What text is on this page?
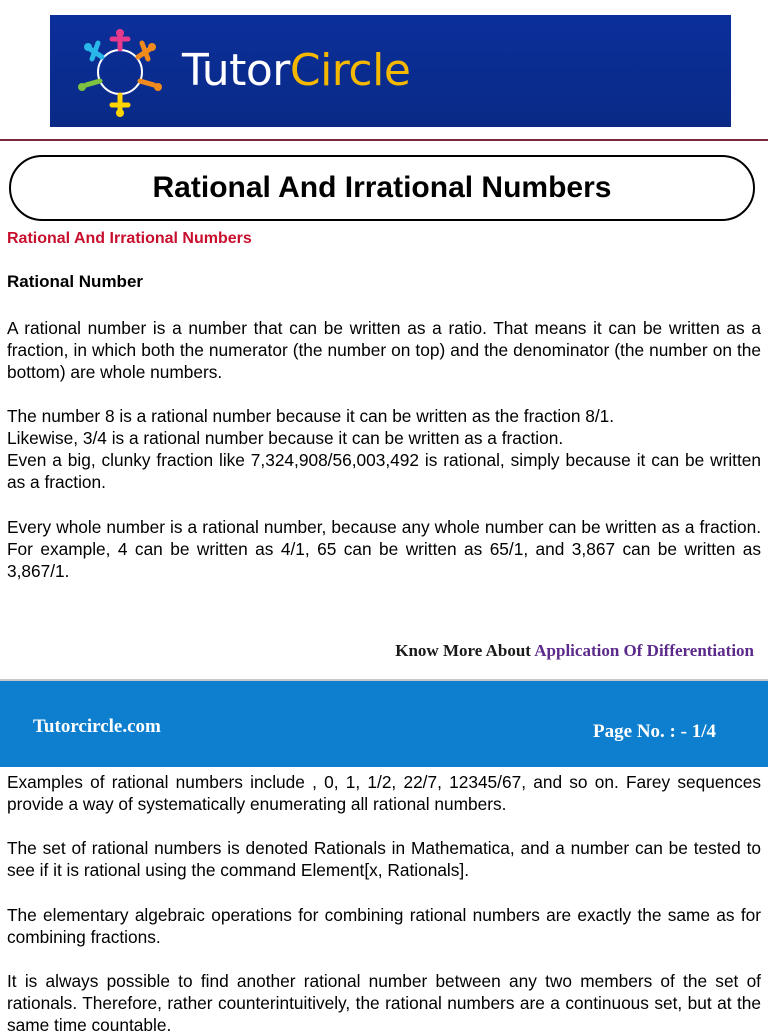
TutorCircle
Rational And Irrational Numbers
Rational And Irrational Numbers
Rational Number

A rational number is a number that can be written as a ratio. That means it can be written as a fraction, in which both the numerator (the number on top) and the denominator (the number on the bottom) are whole numbers.

The number 8 is a rational number because it can be written as the fraction 8/1.

Likewise, 3/4 is a rational number because it can be written as a fraction.

Even a big, clunky fraction like 7,324,908/56,003,492 is rational, simply because it can be written as a fraction.

Every whole number is a rational number, because any whole number can be written as a fraction. For example, 4 can be written as 4/1, 65 can be written as 65/1, and 3,867 can be written as 3,867/1.

Know More About Application Of Differentiation
Tutorcircle.com	Page No. : - 1/4

Examples of rational numbers include , 0, 1, 1/2, 22/7, 12345/67, and so on. Farey sequences provide a way of systematically enumerating all rational numbers.

The set of rational numbers is denoted Rationals in Mathematica, and a number can be tested to see if it is rational using the command Element[x, Rationals].

The elementary algebraic operations for combining rational numbers are exactly the same as for combining fractions.

It is always possible to find another rational number between any two members of the set of rationals. Therefore, rather counterintuitively, the rational numbers are a continuous set, but at the same time countable.
